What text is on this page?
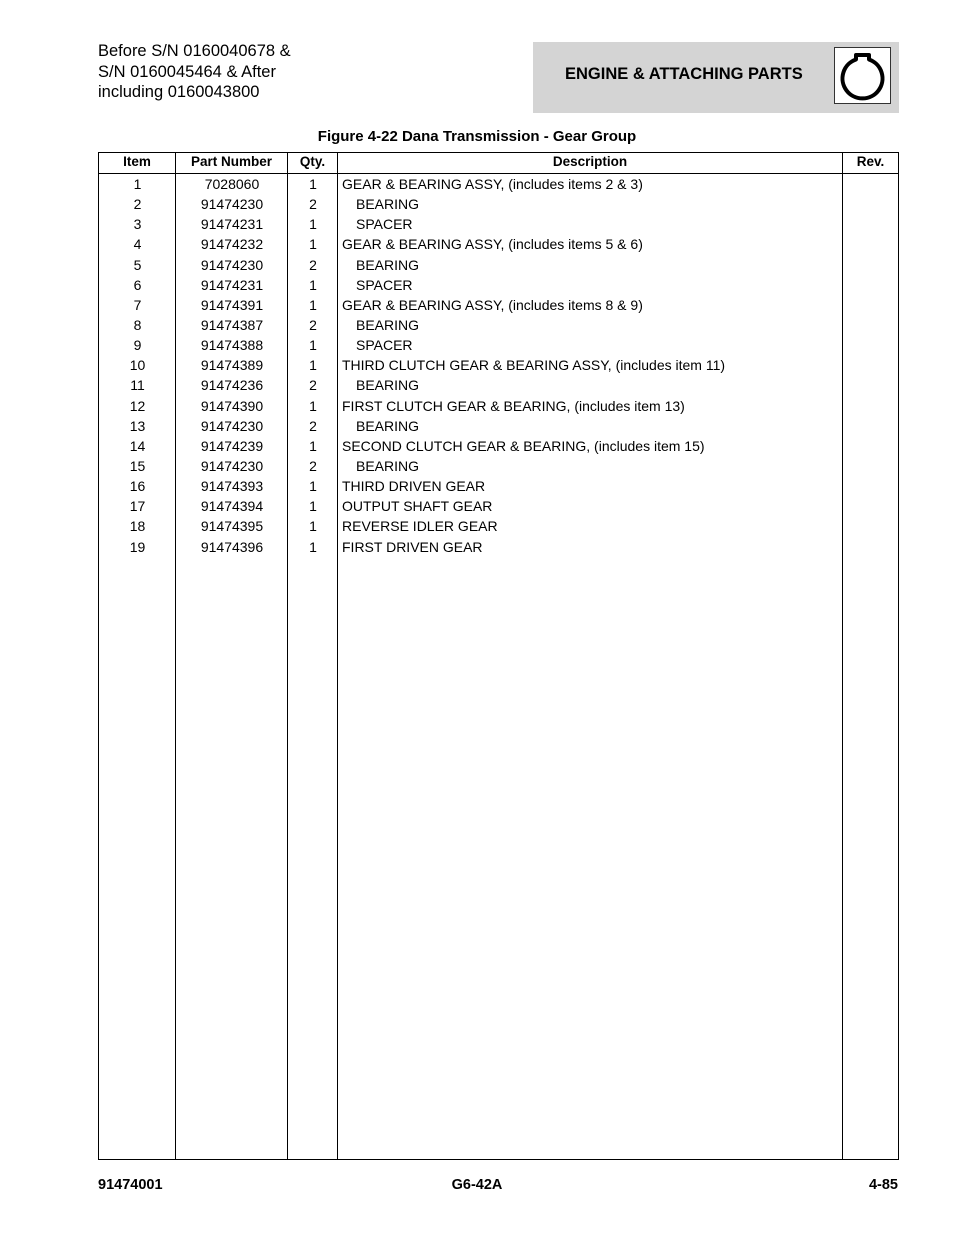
Before S/N 0160040678 &
S/N 0160045464 & After
including 0160043800
ENGINE & ATTACHING PARTS
Figure 4-22 Dana Transmission - Gear Group
Item	Part Number	Qty.	Description	Rev.
1	7028060	1	GEAR & BEARING ASSY, (includes items 2 & 3)
2	91474230	2	BEARING
3	91474231	1	SPACER
4	91474232	1	GEAR & BEARING ASSY, (includes items 5 & 6)
5	91474230	2	BEARING
6	91474231	1	SPACER
7	91474391	1	GEAR & BEARING ASSY, (includes items 8 & 9)
8	91474387	2	BEARING
9	91474388	1	SPACER
10	91474389	1	THIRD CLUTCH GEAR & BEARING ASSY, (includes item 11)
11	91474236	2	BEARING
12	91474390	1	FIRST CLUTCH GEAR & BEARING, (includes item 13)
13	91474230	2	BEARING
14	91474239	1	SECOND CLUTCH GEAR & BEARING, (includes item 15)
15	91474230	2	BEARING
16	91474393	1	THIRD DRIVEN GEAR
17	91474394	1	OUTPUT SHAFT GEAR
18	91474395	1	REVERSE IDLER GEAR
19	91474396	1	FIRST DRIVEN GEAR
91474001	G6-42A	4-85
